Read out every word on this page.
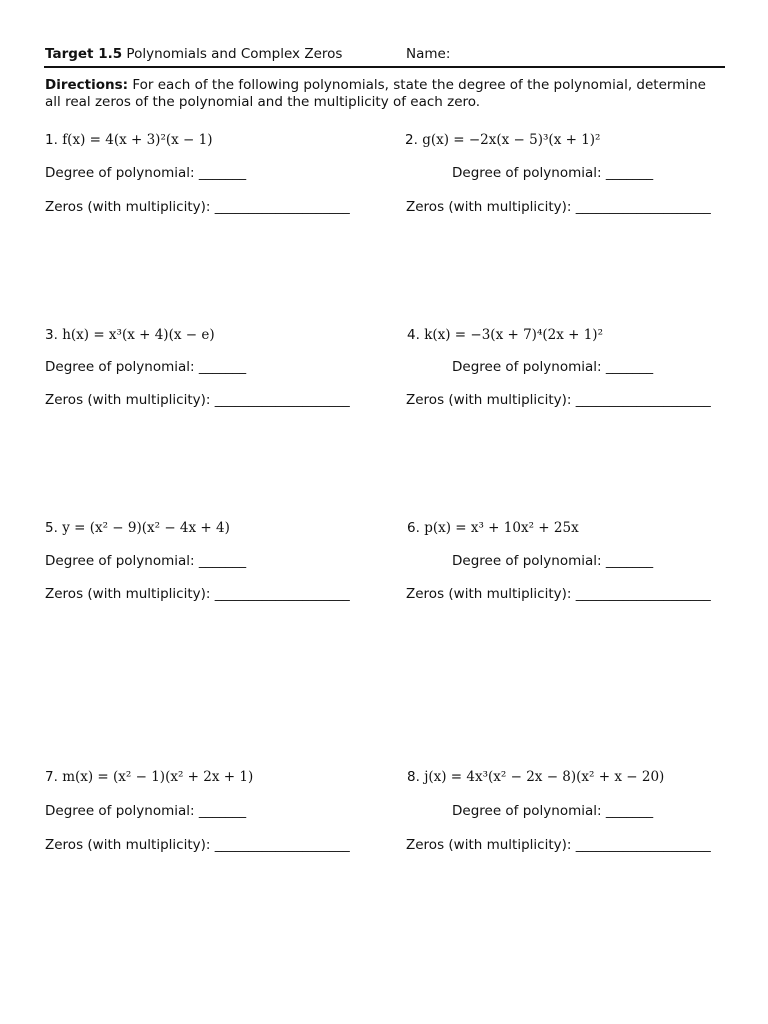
Target 1.5 Polynomials and Complex Zeros	Name:
Directions: For each of the following polynomials, state the degree of the polynomial, determine all real zeros of the polynomial and the multiplicity of each zero.
1. f(x) = 4(x + 3)²(x − 1)
Degree of polynomial: _______
Zeros (with multiplicity): ____________________
2. g(x) = −2x(x − 5)³(x + 1)²
Degree of polynomial: _______
Zeros (with multiplicity): ____________________
3. h(x) = x³(x + 4)(x − e)
Degree of polynomial: _______
Zeros (with multiplicity): ____________________
4. k(x) = −3(x + 7)⁴(2x + 1)²
Degree of polynomial: _______
Zeros (with multiplicity): ____________________
5. y = (x² − 9)(x² − 4x + 4)
Degree of polynomial: _______
Zeros (with multiplicity): ____________________
6. p(x) = x³ + 10x² + 25x
Degree of polynomial: _______
Zeros (with multiplicity): ____________________
7. m(x) = (x² − 1)(x² + 2x + 1)
Degree of polynomial: _______
Zeros (with multiplicity): ____________________
8. j(x) = 4x³(x² − 2x − 8)(x² + x − 20)
Degree of polynomial: _______
Zeros (with multiplicity): ____________________
